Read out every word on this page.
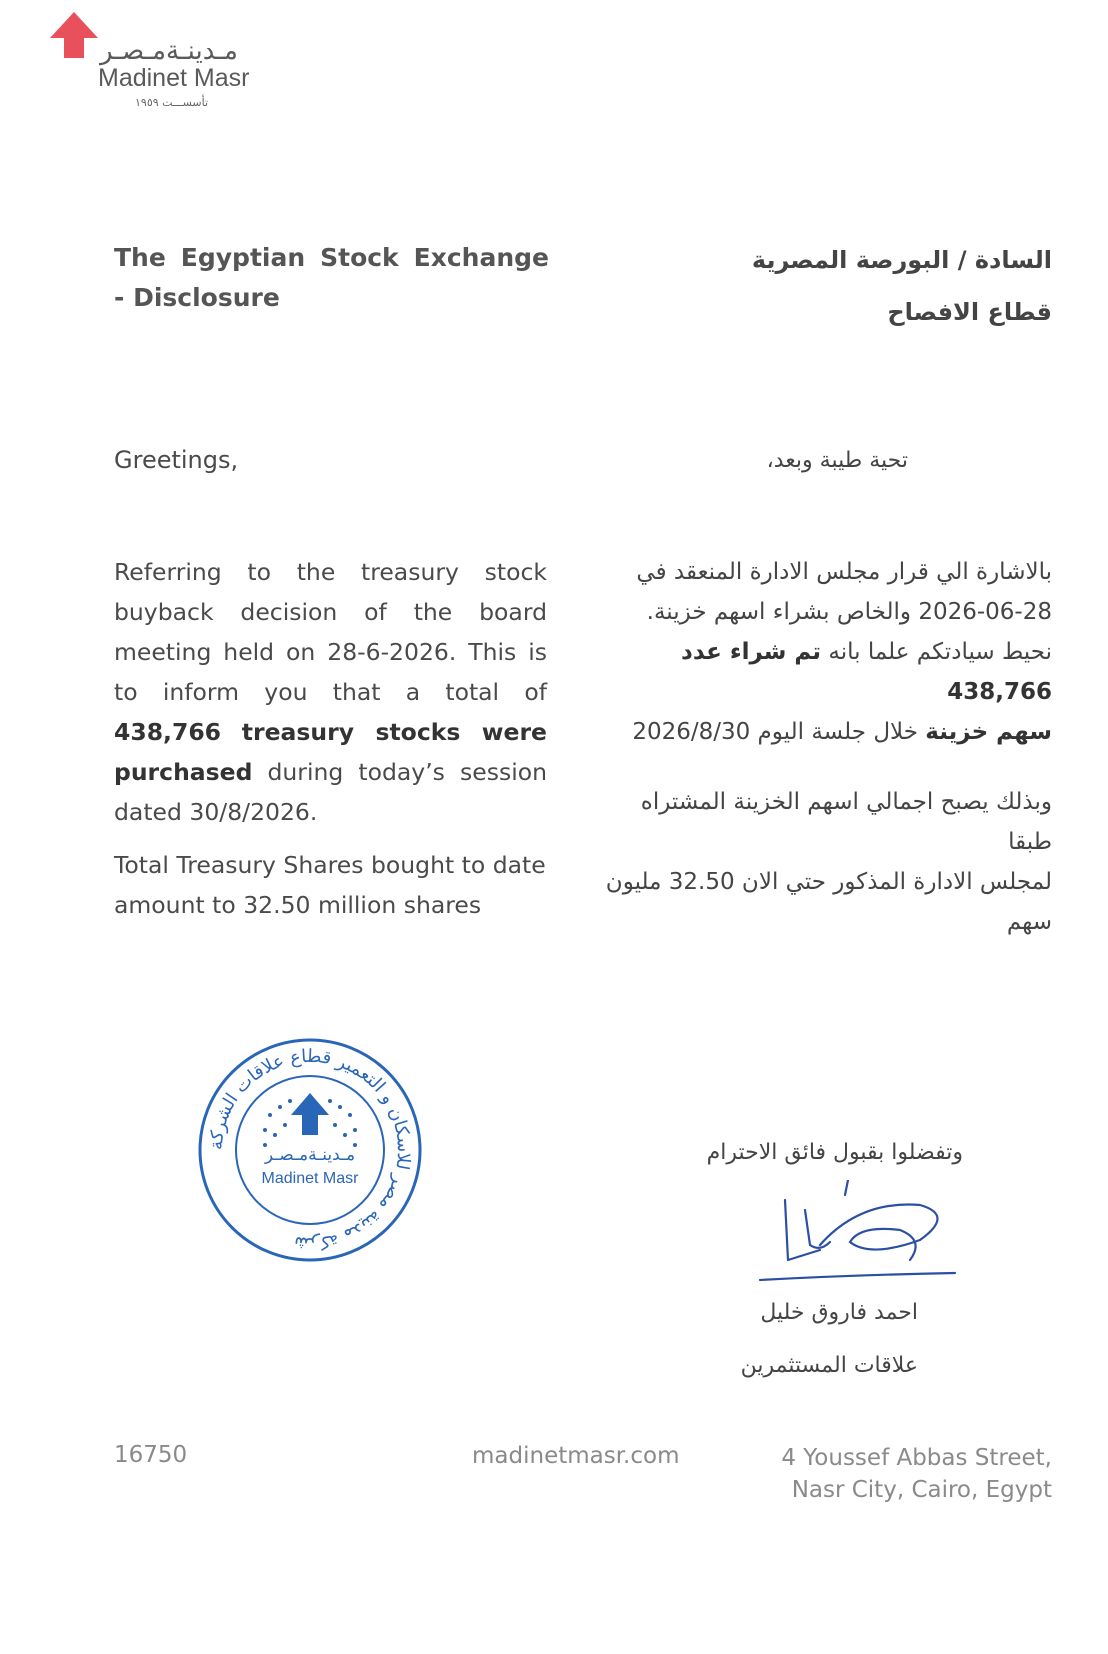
مـدينـةمـصـر
Madinet Masr
تأسســـت ١٩٥٩
The Egyptian Stock Exchange - Disclosure
السادة / البورصة المصرية
قطاع الافصاح
Greetings,	تحية طيبة وبعد،
Referring to the treasury stock buyback decision of the board meeting held on 28-6-2026. This is to inform you that a total of 438,766 treasury stocks were purchased during today’s session dated 30/8/2026.
Total Treasury Shares bought to date amount to 32.50 million shares
بالاشارة الي قرار مجلس الادارة المنعقد في
2026-06-28 والخاص بشراء اسهم خزينة.
نحيط سيادتكم علما بانه تم شراء عدد 438,766
سهم خزينة خلال جلسة اليوم 2026/8/30
وبذلك يصبح اجمالي اسهم الخزينة المشتراه طبقا
لمجلس الادارة المذكور حتي الان 32.50 مليون
سهم
شركة مدينة مصر للاسكان و التعمير قطاع علاقات الشركة
مـدينـةمـصـر
Madinet Masr
وتفضلوا بقبول فائق الاحترام
احمد فاروق خليل
علاقات المستثمرين
16750	madinetmasr.com	4 Youssef Abbas Street,
Nasr City, Cairo, Egypt
